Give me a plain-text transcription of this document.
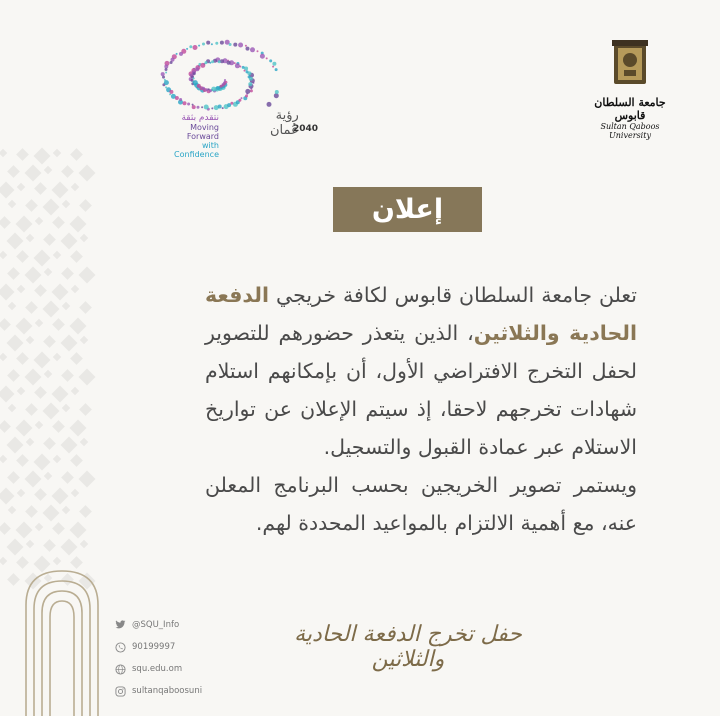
رؤية عُمان
2040
نتقدم بثقة
Moving Forward
with Confidence
جامعة السلطان قابوس
Sultan Qaboos University
إعلان

تعلن جامعة السلطان قابوس لكافة خريجي الدفعة الحادية والثلاثين، الذين يتعذر حضورهم للتصوير لحفل التخرج الافتراضي الأول، أن بإمكانهم استلام شهادات تخرجهم لاحقا، إذ سيتم الإعلان عن تواريخ الاستلام عبر عمادة القبول والتسجيل.

ويستمر تصوير الخريجين بحسب البرنامج المعلن عنه، مع أهمية الالتزام بالمواعيد المحددة لهم.

@SQU_Info
90199997
squ.edu.om
sultanqaboosuni
حفل تخرج الدفعة الحادية والثلاثين
